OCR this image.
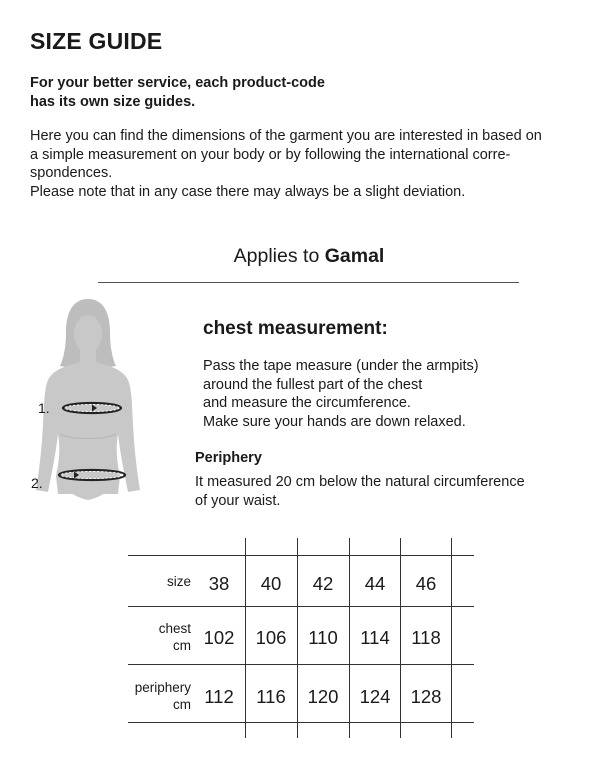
SIZE GUIDE
For your better service, each product-code
has its own size guides.
Here you can find the dimensions of the garment you are interested in based on
a simple measurement on your body or by following the international corre-
spondences.
Please note that in any case there may always be a slight deviation.
Applies to Gamal
1.
2.
chest measurement:
Pass the tape measure (under the armpits)
around the fullest part of the chest
and measure the circumference.
Make sure your hands are down relaxed.
Periphery
It measured 20 cm below the natural circumference
of your waist.
size 38	40	42	44	46
chest
cm 102	106	110	114	118
periphery
cm 112	116	120	124	128
